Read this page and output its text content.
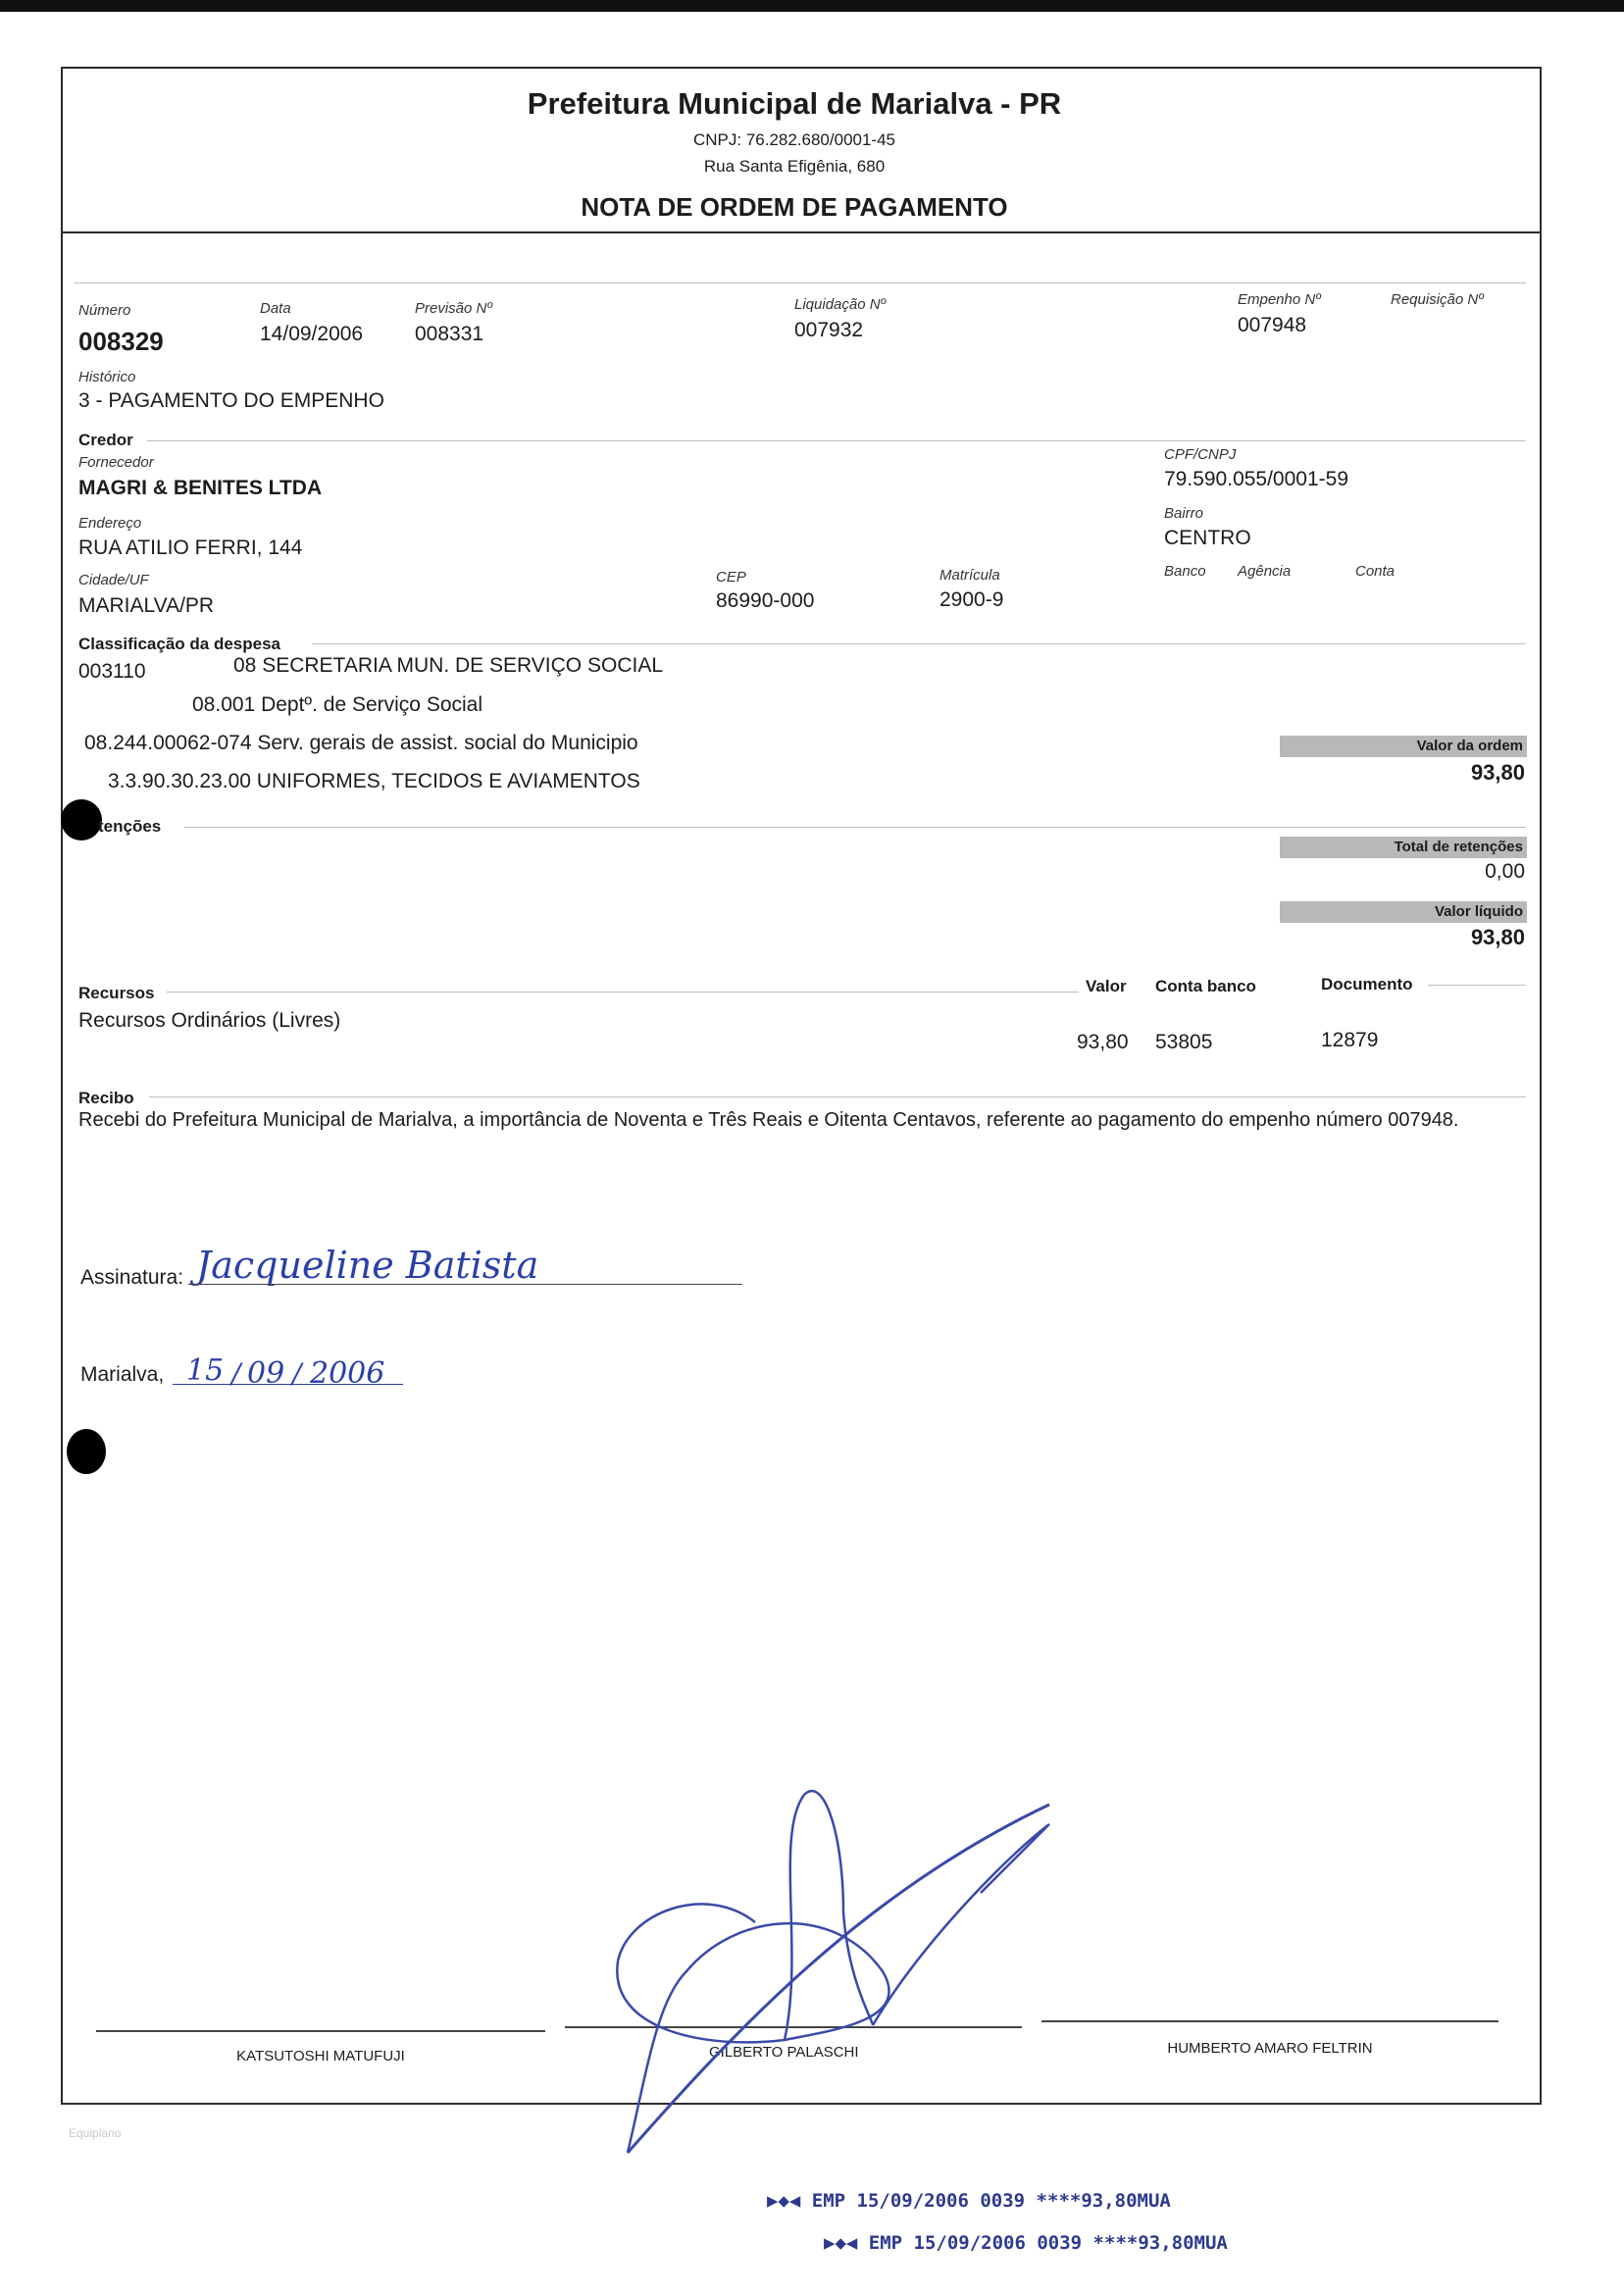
Prefeitura Municipal de Marialva - PR
CNPJ: 76.282.680/0001-45
Rua Santa Efigênia, 680
NOTA DE ORDEM DE PAGAMENTO
Número
008329
Data
14/09/2006
Previsão Nº
008331
Liquidação Nº
007932
Empenho Nº
007948
Requisição Nº
Histórico
3 - PAGAMENTO DO EMPENHO
Credor
Fornecedor
MAGRI & BENITES LTDA
CPF/CNPJ
79.590.055/0001-59
Endereço
RUA ATILIO FERRI, 144
Bairro
CENTRO
Cidade/UF
MARIALVA/PR
CEP
86990-000
Matrícula
2900-9
Banco Agência	Conta
Classificação da despesa
003110	08 SECRETARIA MUN. DE SERVIÇO SOCIAL
08.001 Deptº. de Serviço Social
08.244.00062-074 Serv. gerais de assist. social do Municipio
3.3.90.30.23.00 UNIFORMES, TECIDOS E AVIAMENTOS
Valor da ordem
93,80
tenções
Total de retenções
0,00
Valor líquido
93,80
Recursos	Valor Conta banco	Documento
Recursos Ordinários (Livres)
93,80 53805	12879
Recibo
Recebi do Prefeitura Municipal de Marialva, a importância de Noventa e Três Reais e Oitenta Centavos, referente ao pagamento do empenho número 007948.
Assinatura: Jacqueline Batista
Marialva, 15 / 09 / 2006
KATSUTOSHI MATUFUJI	GILBERTO PALASCHI	HUMBERTO AMARO FELTRIN
Equiplano
▶◆◀ EMP 15/09/2006 0039 ****93,80MUA
▶◆◀ EMP 15/09/2006 0039 ****93,80MUA
